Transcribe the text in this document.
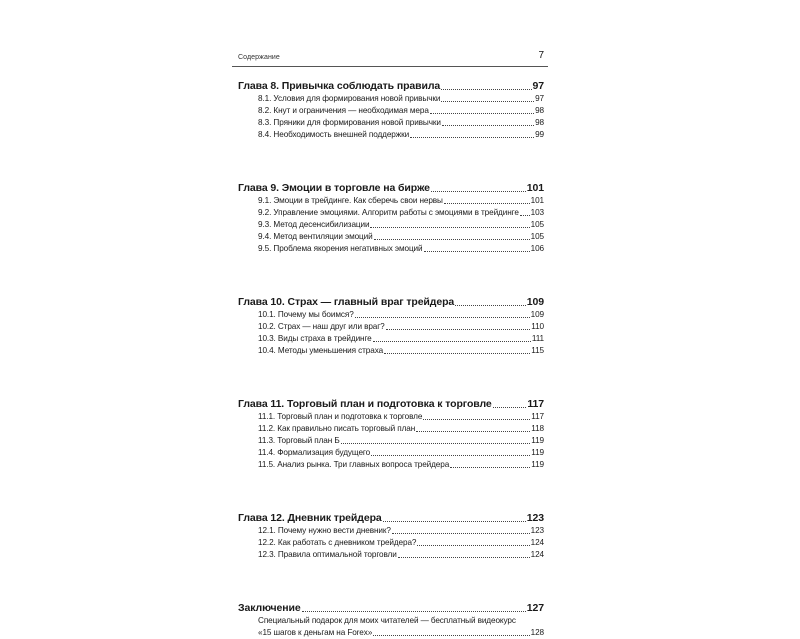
Содержание	7
Глава 8. Привычка соблюдать правила	97
8.1. Условия для формирования новой привычки	97
8.2. Кнут и ограничения — необходимая мера	98
8.3. Пряники для формирования новой привычки	98
8.4. Необходимость внешней поддержки	99
Глава 9. Эмоции в торговле на бирже	101
9.1. Эмоции в трейдинге. Как сберечь свои нервы	101
9.2. Управление эмоциями. Алгоритм работы с эмоциями в трейдинге 103
9.3. Метод десенсибилизации	105
9.4. Метод вентиляции эмоций	105
9.5. Проблема якорения негативных эмоций	106
Глава 10. Страх — главный враг трейдера	109
10.1. Почему мы боимся?	109
10.2. Страх — наш друг или враг?	110
10.3. Виды страха в трейдинге	111
10.4. Методы уменьшения страха	115
Глава 11. Торговый план и подготовка к торговле	117
11.1. Торговый план и подготовка к торговле	117
11.2. Как правильно писать торговый план	118
11.3. Торговый план Б	119
11.4. Формализация будущего	119
11.5. Анализ рынка. Три главных вопроса трейдера	119
Глава 12. Дневник трейдера	123
12.1. Почему нужно вести дневник?	123
12.2. Как работать с дневником трейдера?	124
12.3. Правила оптимальной торговли	124
Заключение	127
Специальный подарок для моих читателей — бесплатный видеокурс
«15 шагов к деньгам на Forex»	128
